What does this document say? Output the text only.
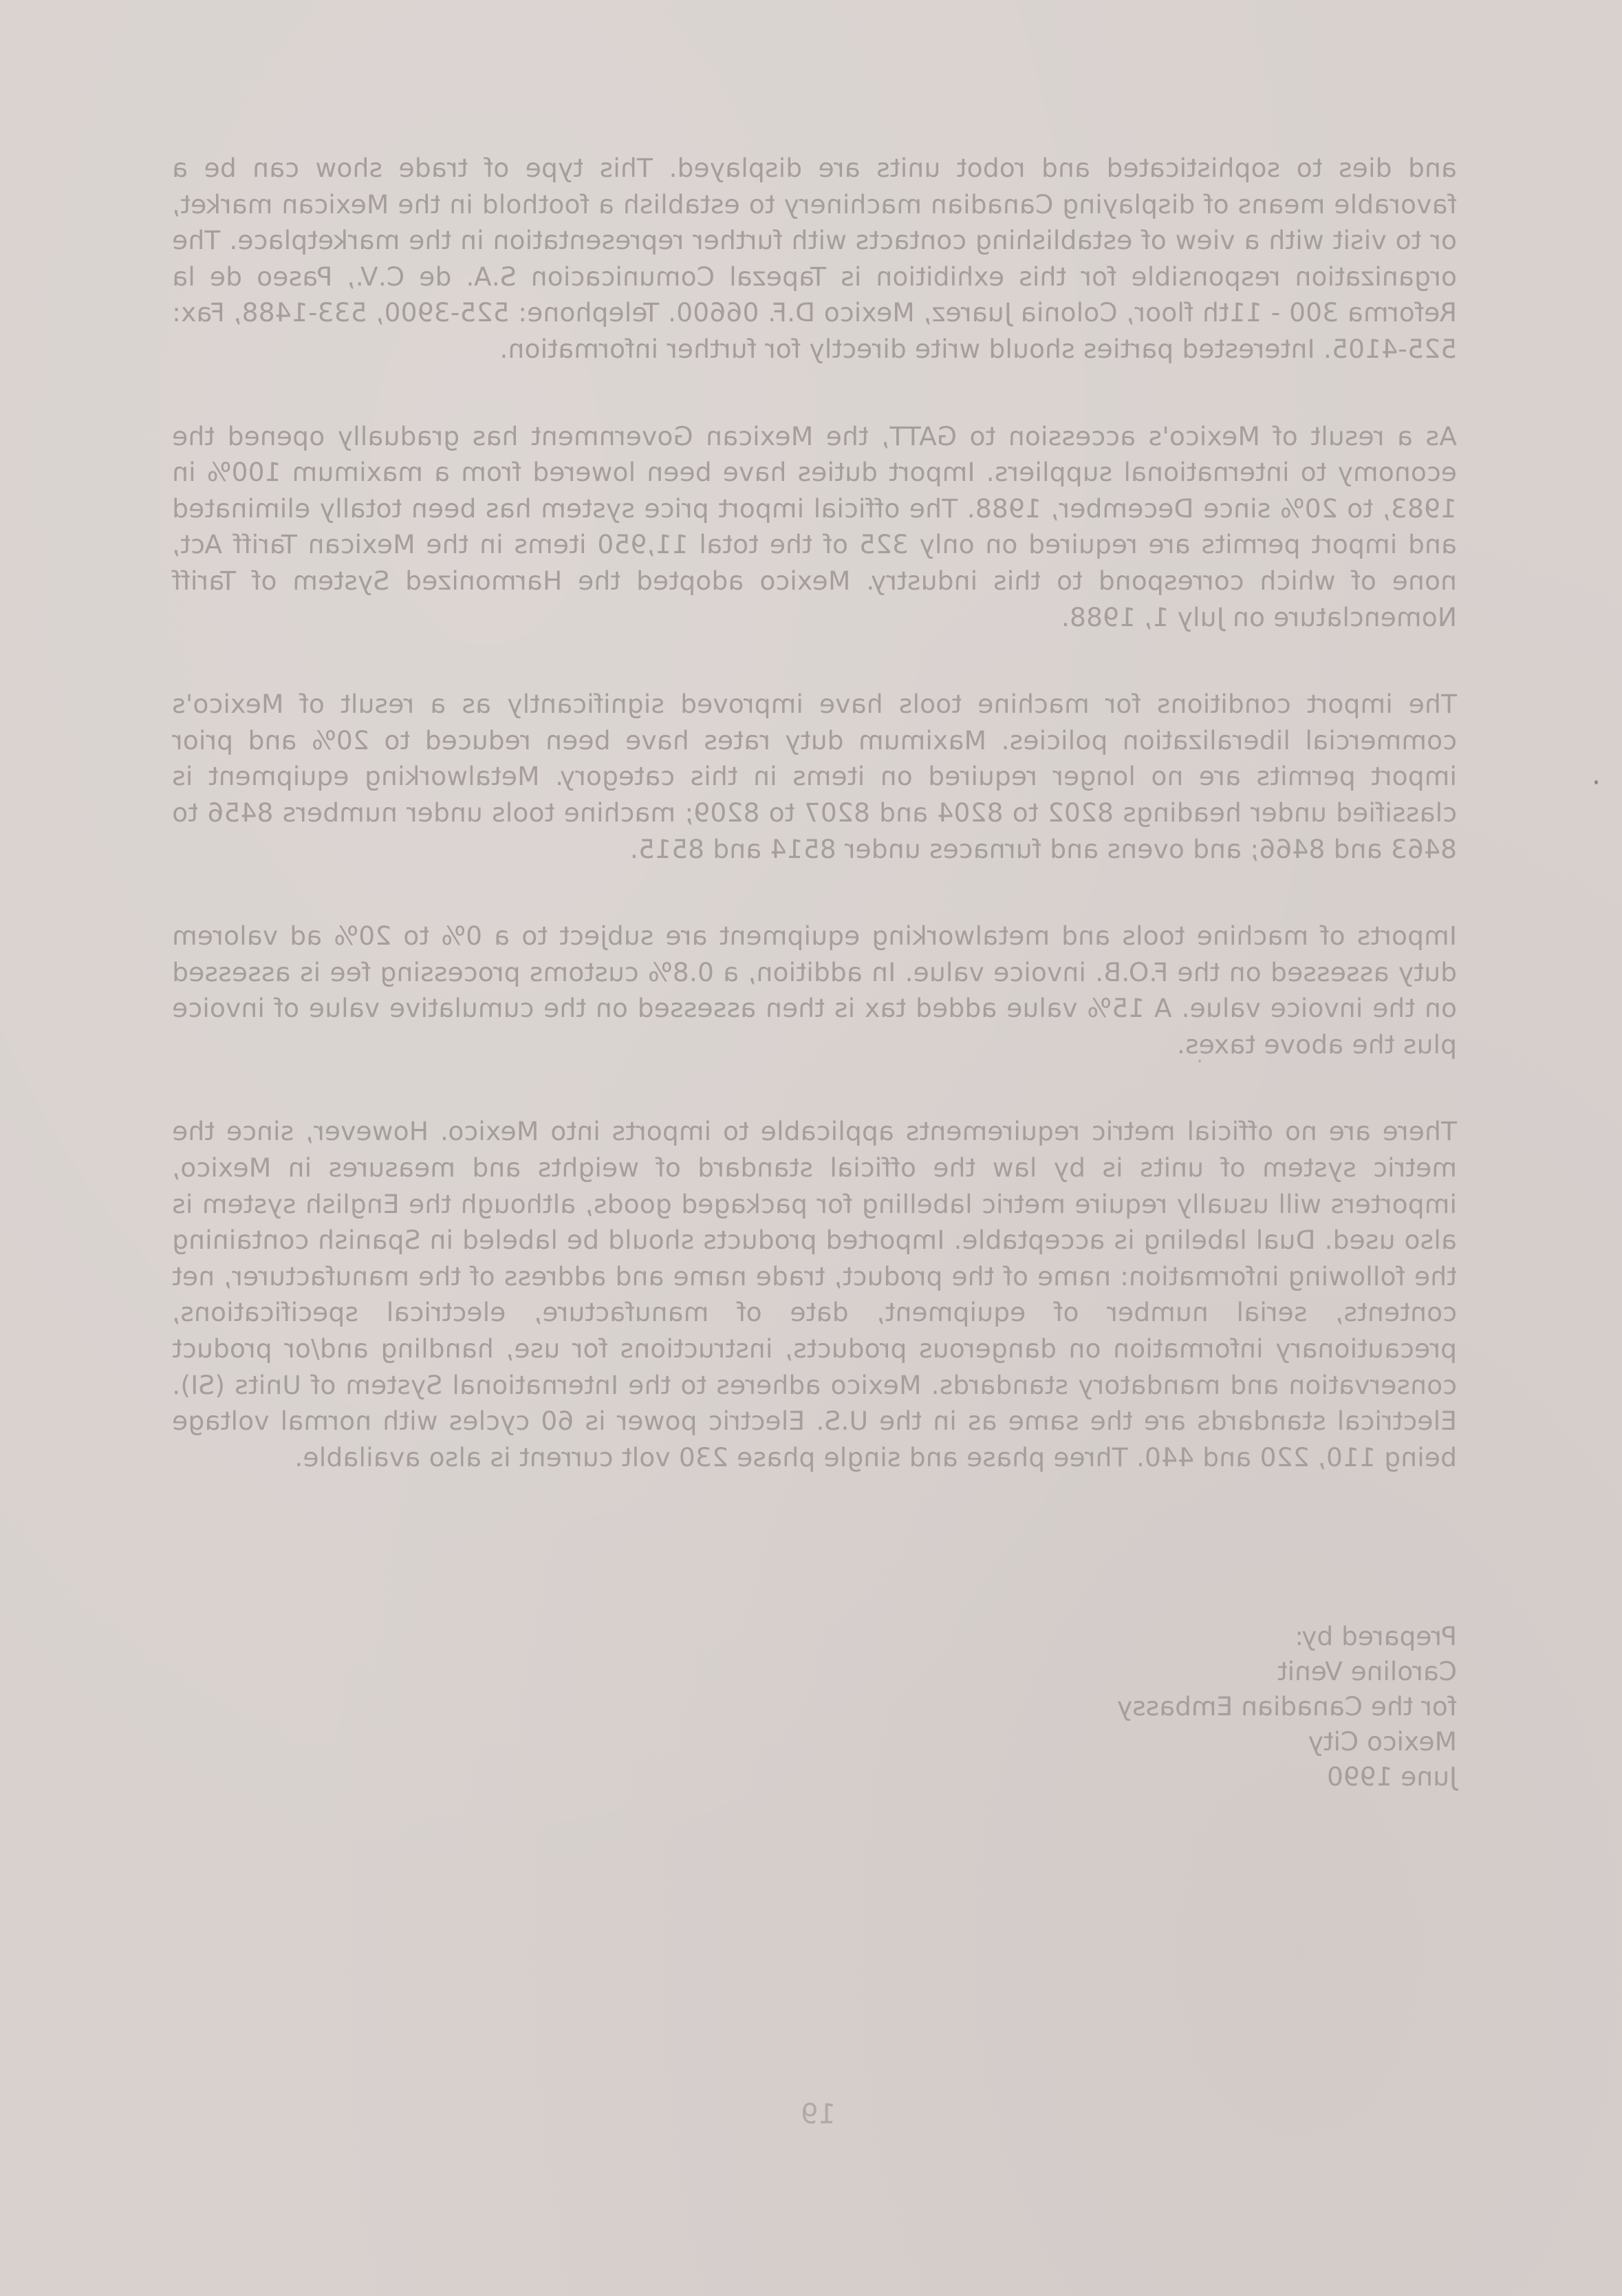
and dies to sophisticated and robot units are displayed. This type of trade show can be a favorable means of displaying Canadian machinery to establish a foothold in the Mexican market, or to visit with a view of establishing contacts with further representation in the marketplace. The organization responsible for this exhibition is Tapezal Comunicacion S.A. de C.V., Paseo de la Reforma 300 - 11th floor, Colonia Juarez, Mexico D.F. 06600. Telephone: 525-3900, 533-1488, Fax: 525-4105. Interested parties should write directly for further information.

As a result of Mexico's accession to GATT, the Mexican Government has gradually opened the economy to international suppliers. Import duties have been lowered from a maximum 100% in 1983, to 20% since December, 1988. The official import price system has been totally eliminated and import permits are required on only 325 of the total 11,950 items in the Mexican Tariff Act, none of which correspond to this industry. Mexico adopted the Harmonized System of Tariff Nomenclature on July 1, 1988.

The import conditions for machine tools have improved significantly as a result of Mexico's commercial liberalization policies. Maximum duty rates have been reduced to 20% and prior import permits are no longer required on items in this category. Metalworking equipment is classified under headings 8202 to 8204 and 8207 to 8209; machine tools under numbers 8456 to 8463 and 8466; and ovens and furnaces under 8514 and 8515.

Imports of machine tools and metalworking equipment are subject to a 0% to 20% ad valorem duty assessed on the F.O.B. invoice value. In addition, a 0.8% customs processing fee is assessed on the invoice value. A 15% value added tax is then assessed on the cumulative value of invoice plus the above taxes.

There are no official metric requirements applicable to imports into Mexico. However, since the metric system of units is by law the official standard of weights and measures in Mexico, importers will usually require metric labelling for packaged goods, although the English system is also used. Dual labeling is acceptable. Imported products should be labeled in Spanish containing the following information: name of the product, trade name and address of the manufacturer, net contents, serial number of equipment, date of manufacture, electrical specifications, precautionary information on dangerous products, instructions for use, handling and/or product conservation and mandatory standards. Mexico adheres to the International System of Units (SI). Electrical standards are the same as in the U.S. Electric power is 60 cycles with normal voltage being 110, 220 and 440. Three phase and single phase 230 volt current is also available.

Prepared by:
Caroline Venit
for the Canadian Embassy
Mexico City
June 1990
19
